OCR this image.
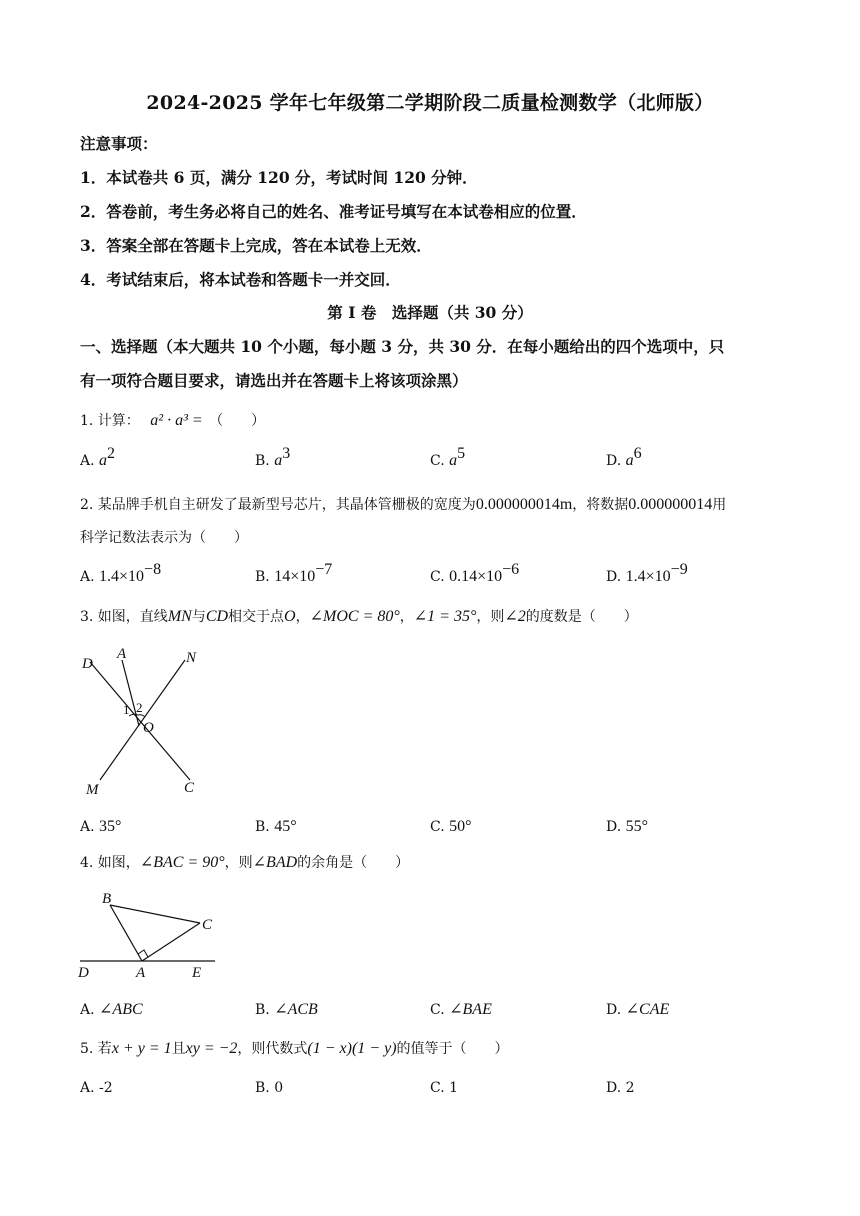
2024-2025 学年七年级第二学期阶段二质量检测数学（北师版）
注意事项：
1．本试卷共 6 页，满分 120 分，考试时间 120 分钟．
2．答卷前，考生务必将自己的姓名、准考证号填写在本试卷相应的位置．
3．答案全部在答题卡上完成，答在本试卷上无效．
4．考试结束后，将本试卷和答题卡一并交回．
第 I 卷　选择题（共 30 分）
一、选择题（本大题共 10 个小题，每小题 3 分，共 30 分．在每小题给出的四个选项中，只
有一项符合题目要求，请选出并在答题卡上将该项涂黑）
1. 计算： a² · a³ = （　　）
A. $a^2$	B. $a^3$	C. $a^5$	D. $a^6$
2. 某品牌手机自主研发了最新型号芯片，其晶体管栅极的宽度为0.000000014m，将数据0.000000014用
科学记数法表示为（　　）
A. $1.4\times 10^{-8}$	B. $14\times 10^{-7}$	C. $0.14\times 10^{-6}$	D. $1.4\times 10^{-9}$
3. 如图，直线MN与CD相交于点O，∠MOC = 80°，∠1 = 35°，则∠2的度数是（　　）
D
A	N
1 2
O
M	C
A. 35°	B. 45°	C. 50°	D. 55°
4. 如图，∠BAC = 90°，则∠BAD的余角是（　　）
B
C
D	A	E
A. ∠ABC	B. ∠ACB	C. ∠BAE	D. ∠CAE
5. 若x + y = 1且xy = −2，则代数式(1 − x)(1 − y)的值等于（　　）
A. -2	B. 0	C. 1	D. 2
